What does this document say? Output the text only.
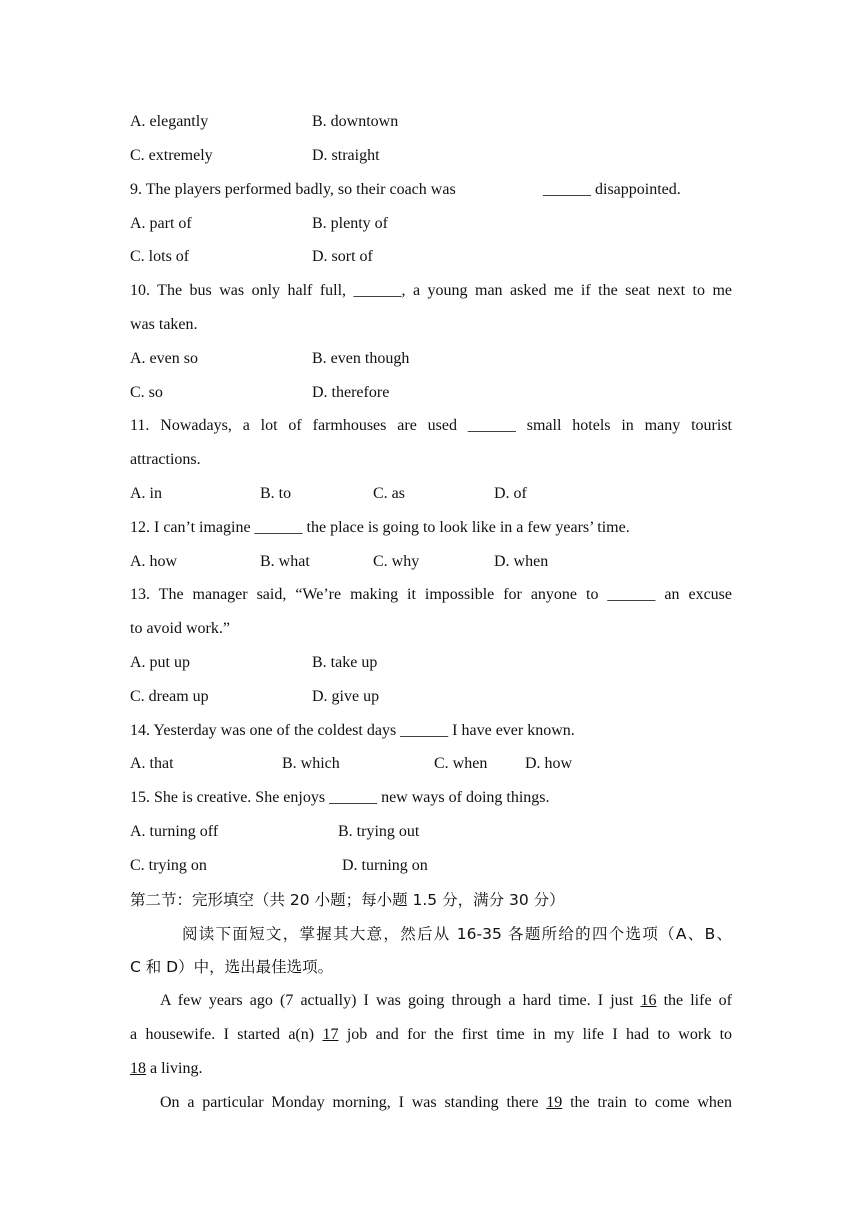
A. elegantly	B. downtown
C. extremely	D. straight
9. The players performed badly, so their coach was	______ disappointed.
A. part of	B. plenty of
C. lots of	D. sort of
10. The bus was only half full, ______, a young man asked me if the seat next to me
was taken.
A. even so	B. even though
C. so	D. therefore
11. Nowadays, a lot of farmhouses are used ______ small hotels in many tourist
attractions.
A. in	B. to	C. as	D. of
12. I can’t imagine ______ the place is going to look like in a few years’ time.
A. how	B. what	C. why	D. when
13. The manager said, “We’re making it impossible for anyone to ______ an excuse
to avoid work.”
A. put up	B. take up
C. dream up	D. give up
14. Yesterday was one of the coldest days ______ I have ever known.
A. that	B. which	C. when D. how
15. She is creative. She enjoys ______ new ways of doing things.
A. turning off	B. trying out
C. trying on	D. turning on
第二节：完形填空（共 20 小题；每小题 1.5 分，满分 30 分）
阅读下面短文，掌握其大意，然后从 16-35 各题所给的四个选项（A、B、
C 和 D）中，选出最佳选项。
A few years ago (7 actually) I was going through a hard time. I just 16 the life of
a housewife. I started a(n) 17 job and for the first time in my life I had to work to
18 a living.
On a particular Monday morning, I was standing there 19 the train to come when
